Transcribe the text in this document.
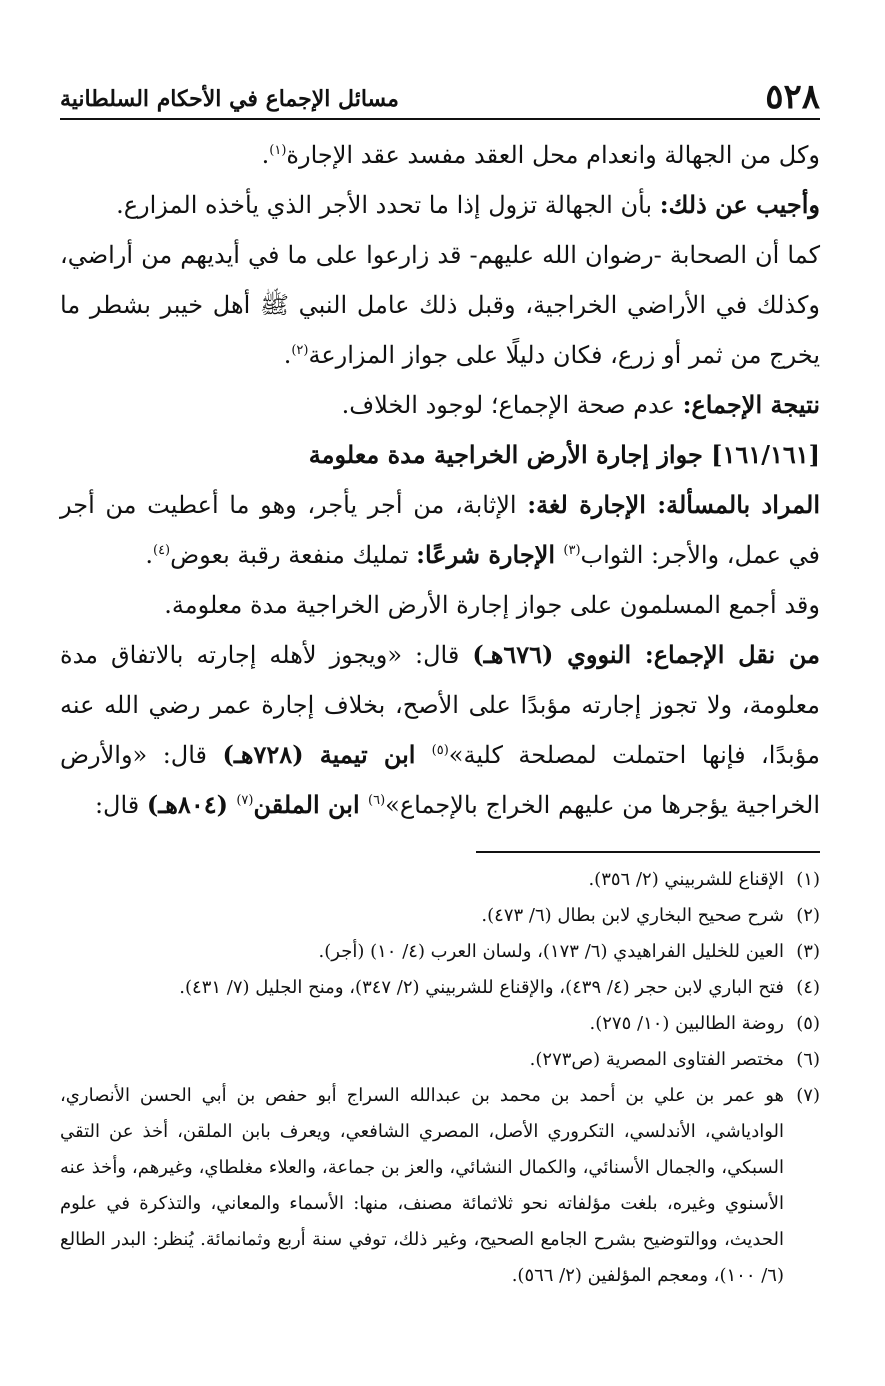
٥٢٨
مسائل الإجماع في الأحكام السلطانية

وكل من الجهالة وانعدام محل العقد مفسد عقد الإجارة$^{(١)}$.

وأجيب عن ذلك: بأن الجهالة تزول إذا ما تحدد الأجر الذي يأخذه المزارع.

كما أن الصحابة -رضوان الله عليهم- قد زارعوا على ما في أيديهم من أراضي، وكذلك في الأراضي الخراجية، وقبل ذلك عامل النبي ﷺ أهل خيبر بشطر ما يخرج من ثمر أو زرع، فكان دليلًا على جواز المزارعة$^{(٢)}$.

نتيجة الإجماع: عدم صحة الإجماع؛ لوجود الخلاف.

[١٦١/١٦١] جواز إجارة الأرض الخراجية مدة معلومة

المراد بالمسألة: الإجارة لغة: الإثابة، من أجر يأجر، وهو ما أعطيت من أجر في عمل، والأجر: الثواب$^{(٣)}$ الإجارة شرعًا: تمليك منفعة رقبة بعوض$^{(٤)}$.

وقد أجمع المسلمون على جواز إجارة الأرض الخراجية مدة معلومة.

من نقل الإجماع: النووي (٦٧٦هـ) قال: «ويجوز لأهله إجارته بالاتفاق مدة معلومة، ولا تجوز إجارته مؤبدًا على الأصح، بخلاف إجارة عمر رضي الله عنه مؤبدًا، فإنها احتملت لمصلحة كلية»$^{(٥)}$ ابن تيمية (٧٢٨هـ) قال: «والأرض الخراجية يؤجرها من عليهم الخراج بالإجماع»$^{(٦)}$ ابن الملقن$^{(٧)}$ (٨٠٤هـ) قال:

(١)
الإقناع للشربيني (٢/ ٣٥٦).
(٢)
شرح صحيح البخاري لابن بطال (٦/ ٤٧٣).
(٣)
العين للخليل الفراهيدي (٦/ ١٧٣)، ولسان العرب (٤/ ١٠) (أجر).
(٤)
فتح الباري لابن حجر (٤/ ٤٣٩)، والإقناع للشربيني (٢/ ٣٤٧)، ومنح الجليل (٧/ ٤٣١).
(٥)
روضة الطالبين (١٠/ ٢٧٥).
(٦)
مختصر الفتاوى المصرية (ص٢٧٣).
(٧)
هو عمر بن علي بن أحمد بن محمد بن عبدالله السراج أبو حفص بن أبي الحسن الأنصاري، الوادياشي، الأندلسي، التكروري الأصل، المصري الشافعي، ويعرف بابن الملقن، أخذ عن التقي السبكي، والجمال الأسنائي، والكمال النشائي، والعز بن جماعة، والعلاء مغلطاي، وغيرهم، وأخذ عنه الأسنوي وغيره، بلغت مؤلفاته نحو ثلاثمائة مصنف، منها: الأسماء والمعاني، والتذكرة في علوم الحديث، ووالتوضيح بشرح الجامع الصحيح، وغير ذلك، توفي سنة أربع وثمانمائة. يُنظر: البدر الطالع (٦/ ١٠٠)، ومعجم المؤلفين (٢/ ٥٦٦).
